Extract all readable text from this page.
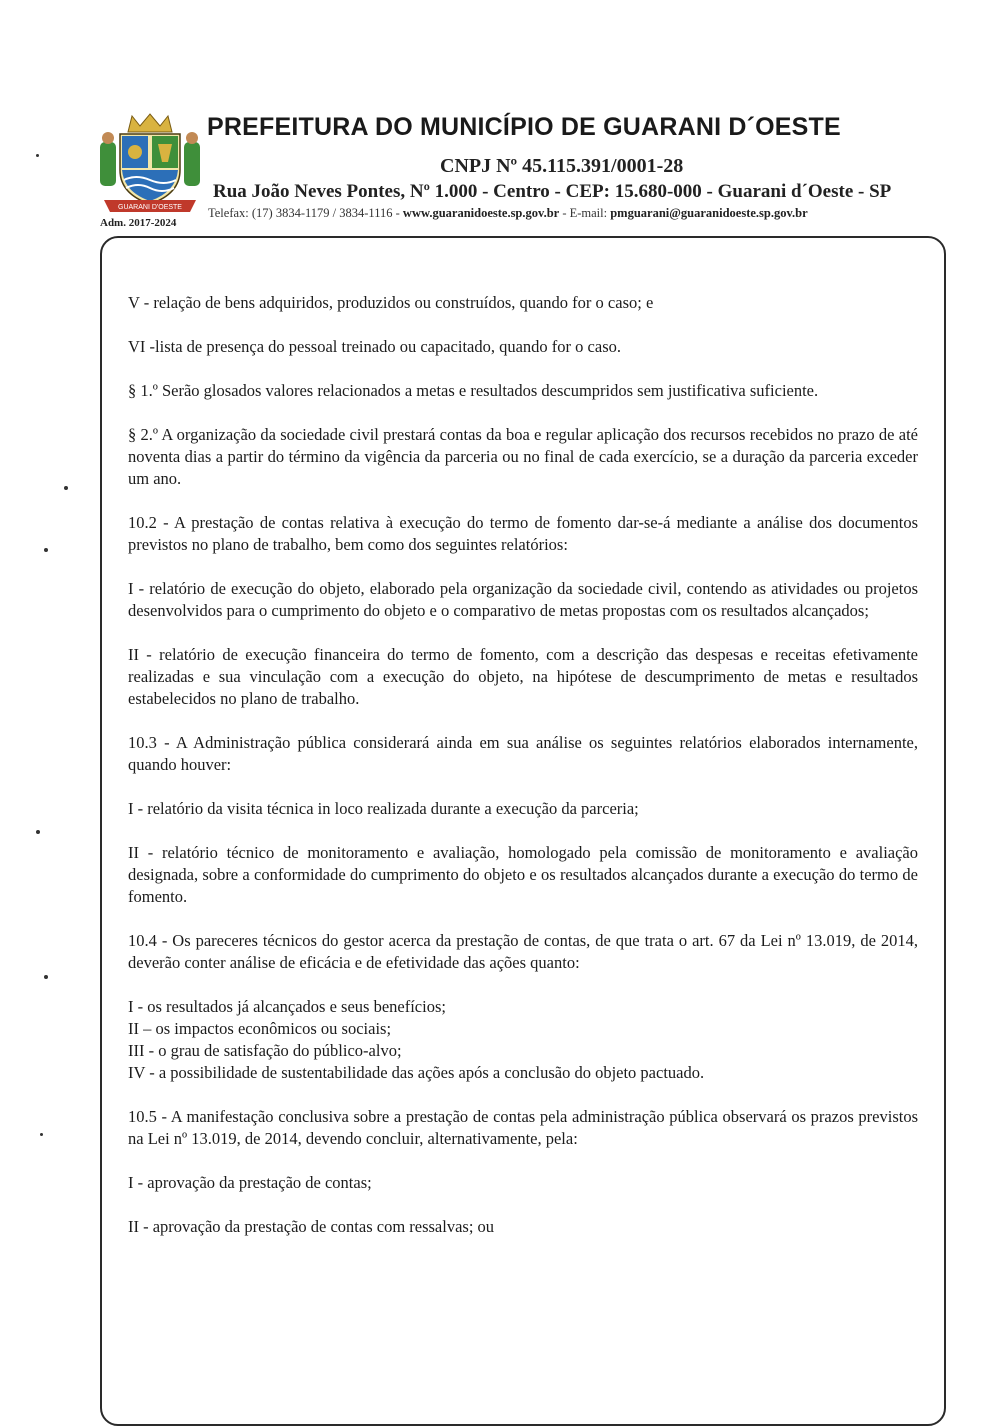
GUARANI D'OESTE
Adm. 2017-2024
PREFEITURA DO MUNICÍPIO DE GUARANI D´OESTE
CNPJ Nº 45.115.391/0001-28
Rua João Neves Pontes, Nº 1.000 - Centro - CEP: 15.680-000 - Guarani d´Oeste - SP
Telefax: (17) 3834-1179 / 3834-1116 - www.guaranidoeste.sp.gov.br - E-mail: pmguarani@guaranidoeste.sp.gov.br

V - relação de bens adquiridos, produzidos ou construídos, quando for o caso; e

VI -lista de presença do pessoal treinado ou capacitado, quando for o caso.

§ 1.º Serão glosados valores relacionados a metas e resultados descumpridos sem justificativa suficiente.

§ 2.º A organização da sociedade civil prestará contas da boa e regular aplicação dos recursos recebidos no prazo de até noventa dias a partir do término da vigência da parceria ou no final de cada exercício, se a duração da parceria exceder um ano.

10.2 - A prestação de contas relativa à execução do termo de fomento dar-se-á mediante a análise dos documentos previstos no plano de trabalho, bem como dos seguintes relatórios:

I - relatório de execução do objeto, elaborado pela organização da sociedade civil, contendo as atividades ou projetos desenvolvidos para o cumprimento do objeto e o comparativo de metas propostas com os resultados alcançados;

II - relatório de execução financeira do termo de fomento, com a descrição das despesas e receitas efetivamente realizadas e sua vinculação com a execução do objeto, na hipótese de descumprimento de metas e resultados estabelecidos no plano de trabalho.

10.3 - A Administração pública considerará ainda em sua análise os seguintes relatórios elaborados internamente, quando houver:

I - relatório da visita técnica in loco realizada durante a execução da parceria;

II - relatório técnico de monitoramento e avaliação, homologado pela comissão de monitoramento e avaliação designada, sobre a conformidade do cumprimento do objeto e os resultados alcançados durante a execução do termo de fomento.

10.4 - Os pareceres técnicos do gestor acerca da prestação de contas, de que trata o art. 67 da Lei nº 13.019, de 2014, deverão conter análise de eficácia e de efetividade das ações quanto:

I - os resultados já alcançados e seus benefícios;

II – os impactos econômicos ou sociais;

III - o grau de satisfação do público-alvo;

IV - a possibilidade de sustentabilidade das ações após a conclusão do objeto pactuado.

10.5 - A manifestação conclusiva sobre a prestação de contas pela administração pública observará os prazos previstos na Lei nº 13.019, de 2014, devendo concluir, alternativamente, pela:

I - aprovação da prestação de contas;

II - aprovação da prestação de contas com ressalvas; ou
